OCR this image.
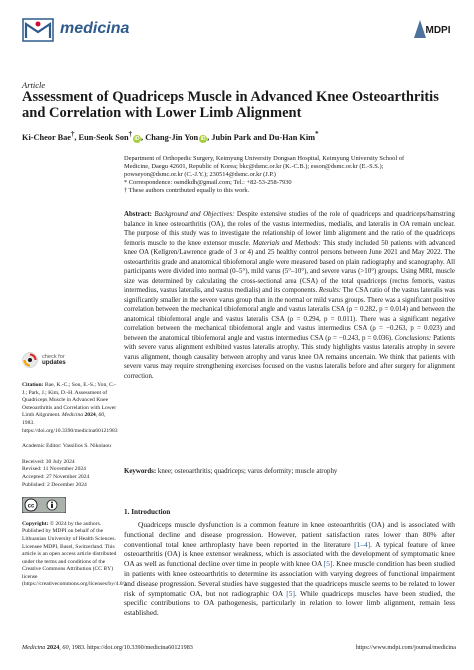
medicina	MDPI
Article
Assessment of Quadriceps Muscle in Advanced Knee Osteoarthritis and Correlation with Lower Limb Alignment
Ki-Cheor Bae†, Eun-Seok Son†iD , Chang-Jin Yon iD , Jubin Park and Du-Han Kim*
Department of Orthopedic Surgery, Keimyung University Dongsan Hospital, Keimyung University School of
Medicine, Daegu 42601, Republic of Korea; bkc@dsmc.or.kr (K.-C.B.); esson@dsmc.or.kr (E.-S.S.);
powseyon@dsmc.or.kr (C.-J.Y.); 230514@dsmc.or.kr (J.P.)
* Correspondence: osmdkdh@gmail.com; Tel.: +82-53-258-7930
† These authors contributed equally to this work.
Abstract: Background and Objectives: Despite extensive studies of the role of quadriceps and quadriceps/hamstring balance in knee osteoarthritis (OA), the roles of the vastus intermedius, medialis, and lateralis in OA remain unclear. The purpose of this study was to investigate the relationship of lower limb alignment and the ratio of the quadriceps femoris muscle to the knee extensor muscle. Materials and Methods: This study included 50 patients with advanced knee OA (Kellgren/Lawrence grade of 3 or 4) and 25 healthy control persons between June 2021 and May 2022. The osteoarthritis grade and anatomical tibiofemoral angle were measured based on plain radiography and scanography. All participants were divided into normal (0–5°), mild varus (5°–10°), and severe varus (>10°) groups. Using MRI, muscle size was determined by calculating the cross-sectional area (CSA) of the total quadriceps (rectus femoris, vastus intermedius, vastus lateralis, and vastus medialis) and its components. Results: The CSA ratio of the vastus lateralis was significantly smaller in the severe varus group than in the normal or mild varus groups. There was a significant positive correlation between the mechanical tibiofemoral angle and vastus lateralis CSA (ρ = 0.282, p = 0.014) and between the anatomical tibiofemoral angle and vastus lateralis CSA (ρ = 0.294, p = 0.011). There was a significant negative correlation between the mechanical tibiofemoral angle and vastus intermedius CSA (ρ = −0.263, p = 0.023) and between the anatomical tibiofemoral angle and vastus intermedius CSA (ρ = −0.243, p = 0.036). Conclusions: Patients with severe varus alignment exhibited vastus lateralis atrophy. This study highlights vastus lateralis atrophy in severe varus alignment, though causality between atrophy and varus knee OA remains uncertain. We think that patients with severe varus may require strengthening exercises focused on the vastus lateralis before and after surgery for alignment correction.
Keywords: knee; osteoarthritis; quadriceps; varus deformity; muscle atrophy
1. Introduction
Quadriceps muscle dysfunction is a common feature in knee osteoarthritis (OA) and is associated with functional decline and disease progression. However, patient satisfaction rates lower than 80% after conventional total knee arthroplasty have been reported in the literature [1–4]. A typical feature of knee osteoarthritis (OA) is knee extensor weakness, which is associated with the development of symptomatic knee OA as well as functional decline over time in people with knee OA [5]. Knee muscle condition has been studied in patients with knee osteoarthritis to determine its association with varying degrees of functional impairment and disease progression. Several studies have suggested that the quadriceps muscle seems to be related to lower risk of symptomatic OA, but not radiographic OA [5]. While quadriceps muscles have been studied, the specific contributions to OA pathogenesis, particularly in relation to lower limb alignment, remain less established.
check for
updates
Citation: Bae, K.-C.; Son, E.-S.; Yon, C.-J.; Park, J.; Kim, D.-H. Assessment of Quadriceps Muscle in Advanced Knee Osteoarthritis and Correlation with Lower Limb Alignment. Medicina 2024, 60, 1983. https://doi.org/10.3390/medicina60121983
Academic Editor: Vassilios S. Nikolaou
Received: 30 July 2024
Revised: 11 November 2024
Accepted: 27 November 2024
Published: 2 December 2024
cc
Copyright: © 2024 by the authors. Published by MDPI on behalf of the Lithuanian University of Health Sciences. Licensee MDPI, Basel, Switzerland. This article is an open access article distributed under the terms and conditions of the Creative Commons Attribution (CC BY) license (https://creativecommons.org/licenses/by/4.0/).
Medicina 2024, 60, 1983. https://doi.org/10.3390/medicina60121983	https://www.mdpi.com/journal/medicina
